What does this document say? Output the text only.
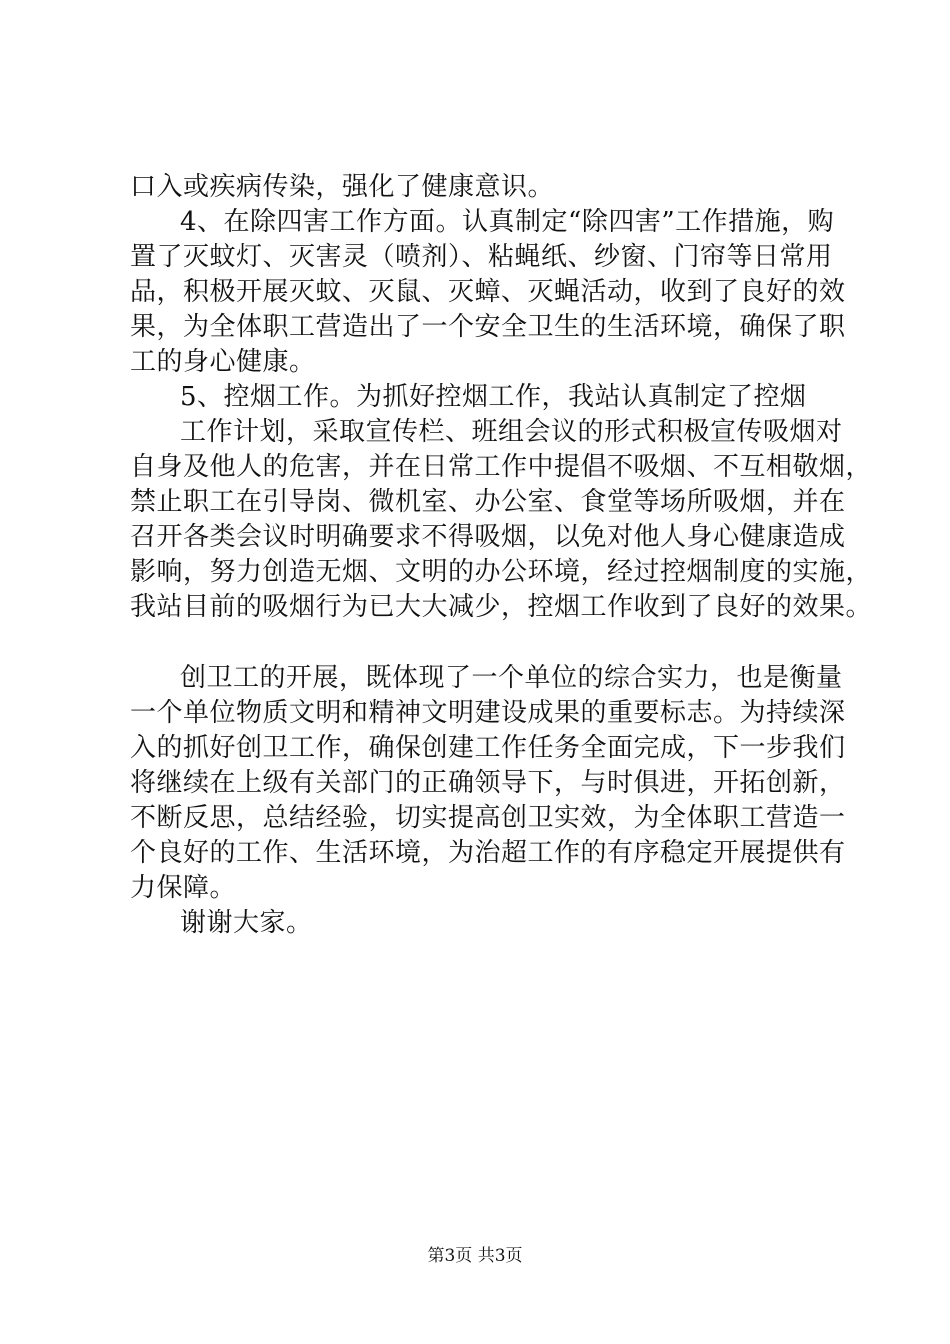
口入或疾病传染，强化了健康意识。
4、在除四害工作方面。认真制定“除四害”工作措施，购
置了灭蚊灯、灭害灵（喷剂）、粘蝇纸、纱窗、门帘等日常用
品，积极开展灭蚊、灭鼠、灭蟑、灭蝇活动，收到了良好的效
果，为全体职工营造出了一个安全卫生的生活环境，确保了职
工的身心健康。
5、控烟工作。为抓好控烟工作，我站认真制定了控烟
工作计划，采取宣传栏、班组会议的形式积极宣传吸烟对
自身及他人的危害，并在日常工作中提倡不吸烟、不互相敬烟，
禁止职工在引导岗、微机室、办公室、食堂等场所吸烟，并在
召开各类会议时明确要求不得吸烟，以免对他人身心健康造成
影响，努力创造无烟、文明的办公环境，经过控烟制度的实施，
我站目前的吸烟行为已大大减少，控烟工作收到了良好的效果。
创卫工的开展，既体现了一个单位的综合实力，也是衡量
一个单位物质文明和精神文明建设成果的重要标志。为持续深
入的抓好创卫工作，确保创建工作任务全面完成，下一步我们
将继续在上级有关部门的正确领导下，与时俱进，开拓创新，
不断反思，总结经验，切实提高创卫实效，为全体职工营造一
个良好的工作、生活环境，为治超工作的有序稳定开展提供有
力保障。
谢谢大家。
第3页 共3页
